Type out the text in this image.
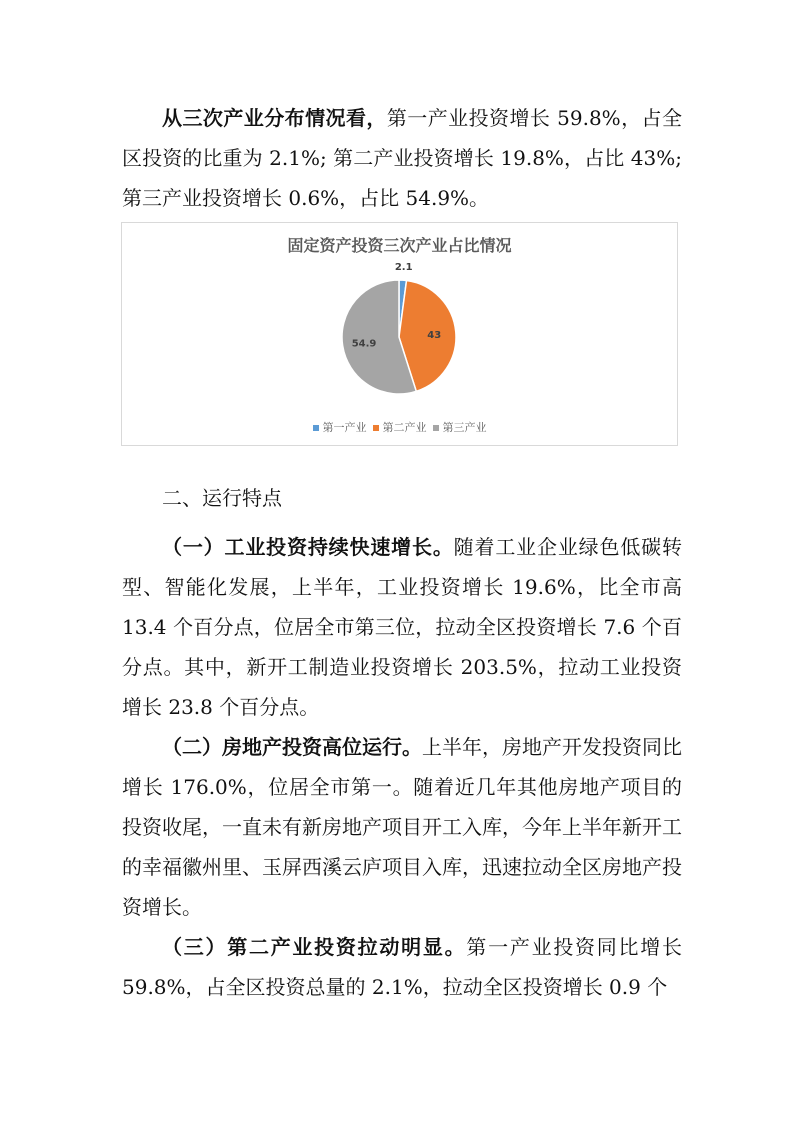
从三次产业分布情况看，第一产业投资增长 59.8%，占全区投资的比重为 2.1%; 第二产业投资增长 19.8%，占比 43%; 第三产业投资增长 0.6%，占比 54.9%。

固定资产投资三次产业占比情况

2.1
43
54.9
第一产业 第二产业 第三产业
二、运行特点

（一）工业投资持续快速增长。随着工业企业绿色低碳转型、智能化发展，上半年，工业投资增长 19.6%，比全市高 13.4 个百分点，位居全市第三位，拉动全区投资增长 7.6 个百分点。其中，新开工制造业投资增长 203.5%，拉动工业投资增长 23.8 个百分点。

（二）房地产投资高位运行。上半年，房地产开发投资同比增长 176.0%，位居全市第一。随着近几年其他房地产项目的投资收尾，一直未有新房地产项目开工入库，今年上半年新开工的幸福徽州里、玉屏西溪云庐项目入库，迅速拉动全区房地产投资增长。

（三）第二产业投资拉动明显。第一产业投资同比增长 59.8%，占全区投资总量的 2.1%，拉动全区投资增长 0.9 个
